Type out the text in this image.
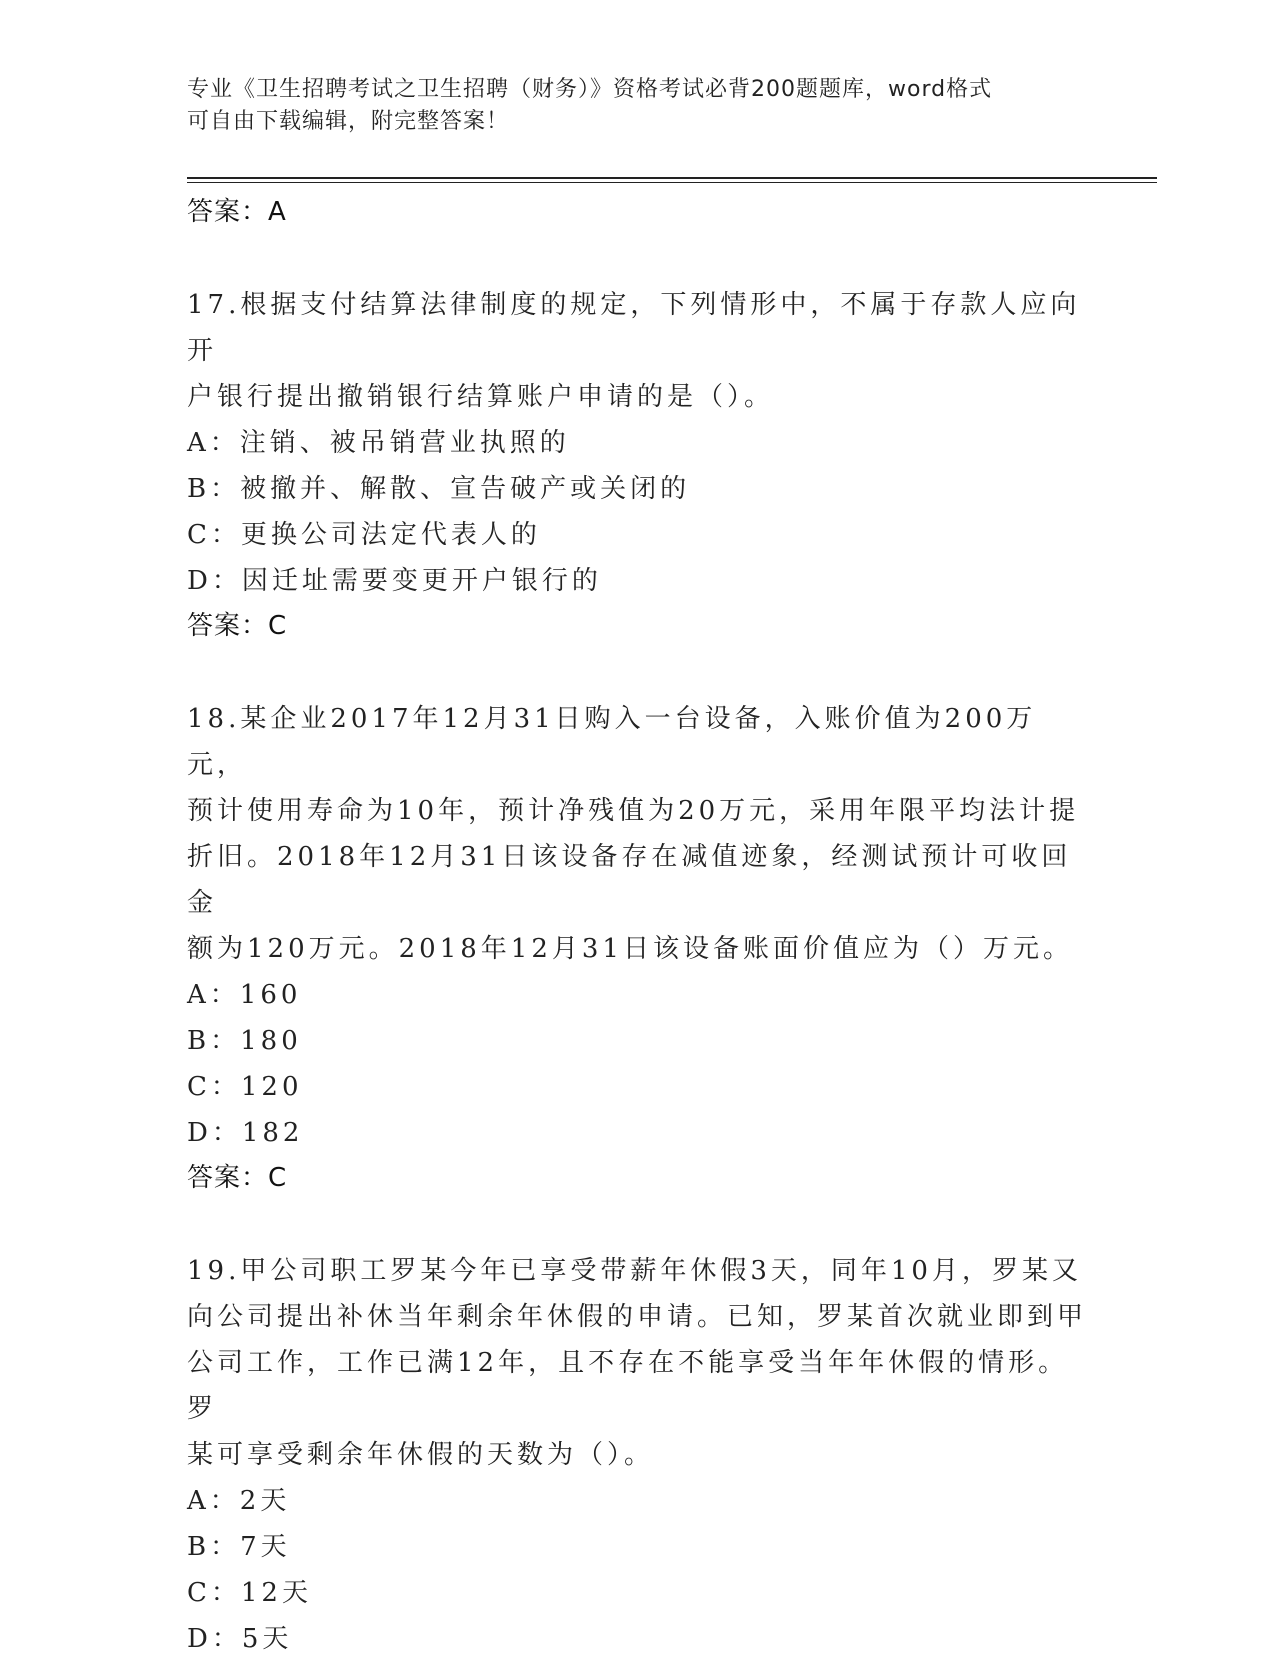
专业《卫生招聘考试之卫生招聘（财务）》资格考试必背200题题库，word格式
可自由下载编辑，附完整答案！
答案：A

17.根据支付结算法律制度的规定，下列情形中，不属于存款人应向开
户银行提出撤销银行结算账户申请的是（）。

A：注销、被吊销营业执照的
B：被撤并、解散、宣告破产或关闭的
C：更换公司法定代表人的
D：因迁址需要变更开户银行的
答案：C

18.某企业2017年12月31日购入一台设备，入账价值为200万元，
预计使用寿命为10年，预计净残值为20万元，采用年限平均法计提
折旧。2018年12月31日该设备存在减值迹象，经测试预计可收回金
额为120万元。2018年12月31日该设备账面价值应为（）万元。

A：160
B：180
C：120
D：182
答案：C

19.甲公司职工罗某今年已享受带薪年休假3天，同年10月，罗某又
向公司提出补休当年剩余年休假的申请。已知，罗某首次就业即到甲
公司工作，工作已满12年，且不存在不能享受当年年休假的情形。罗
某可享受剩余年休假的天数为（）。

A：2天
B：7天
C：12天
D：5天
